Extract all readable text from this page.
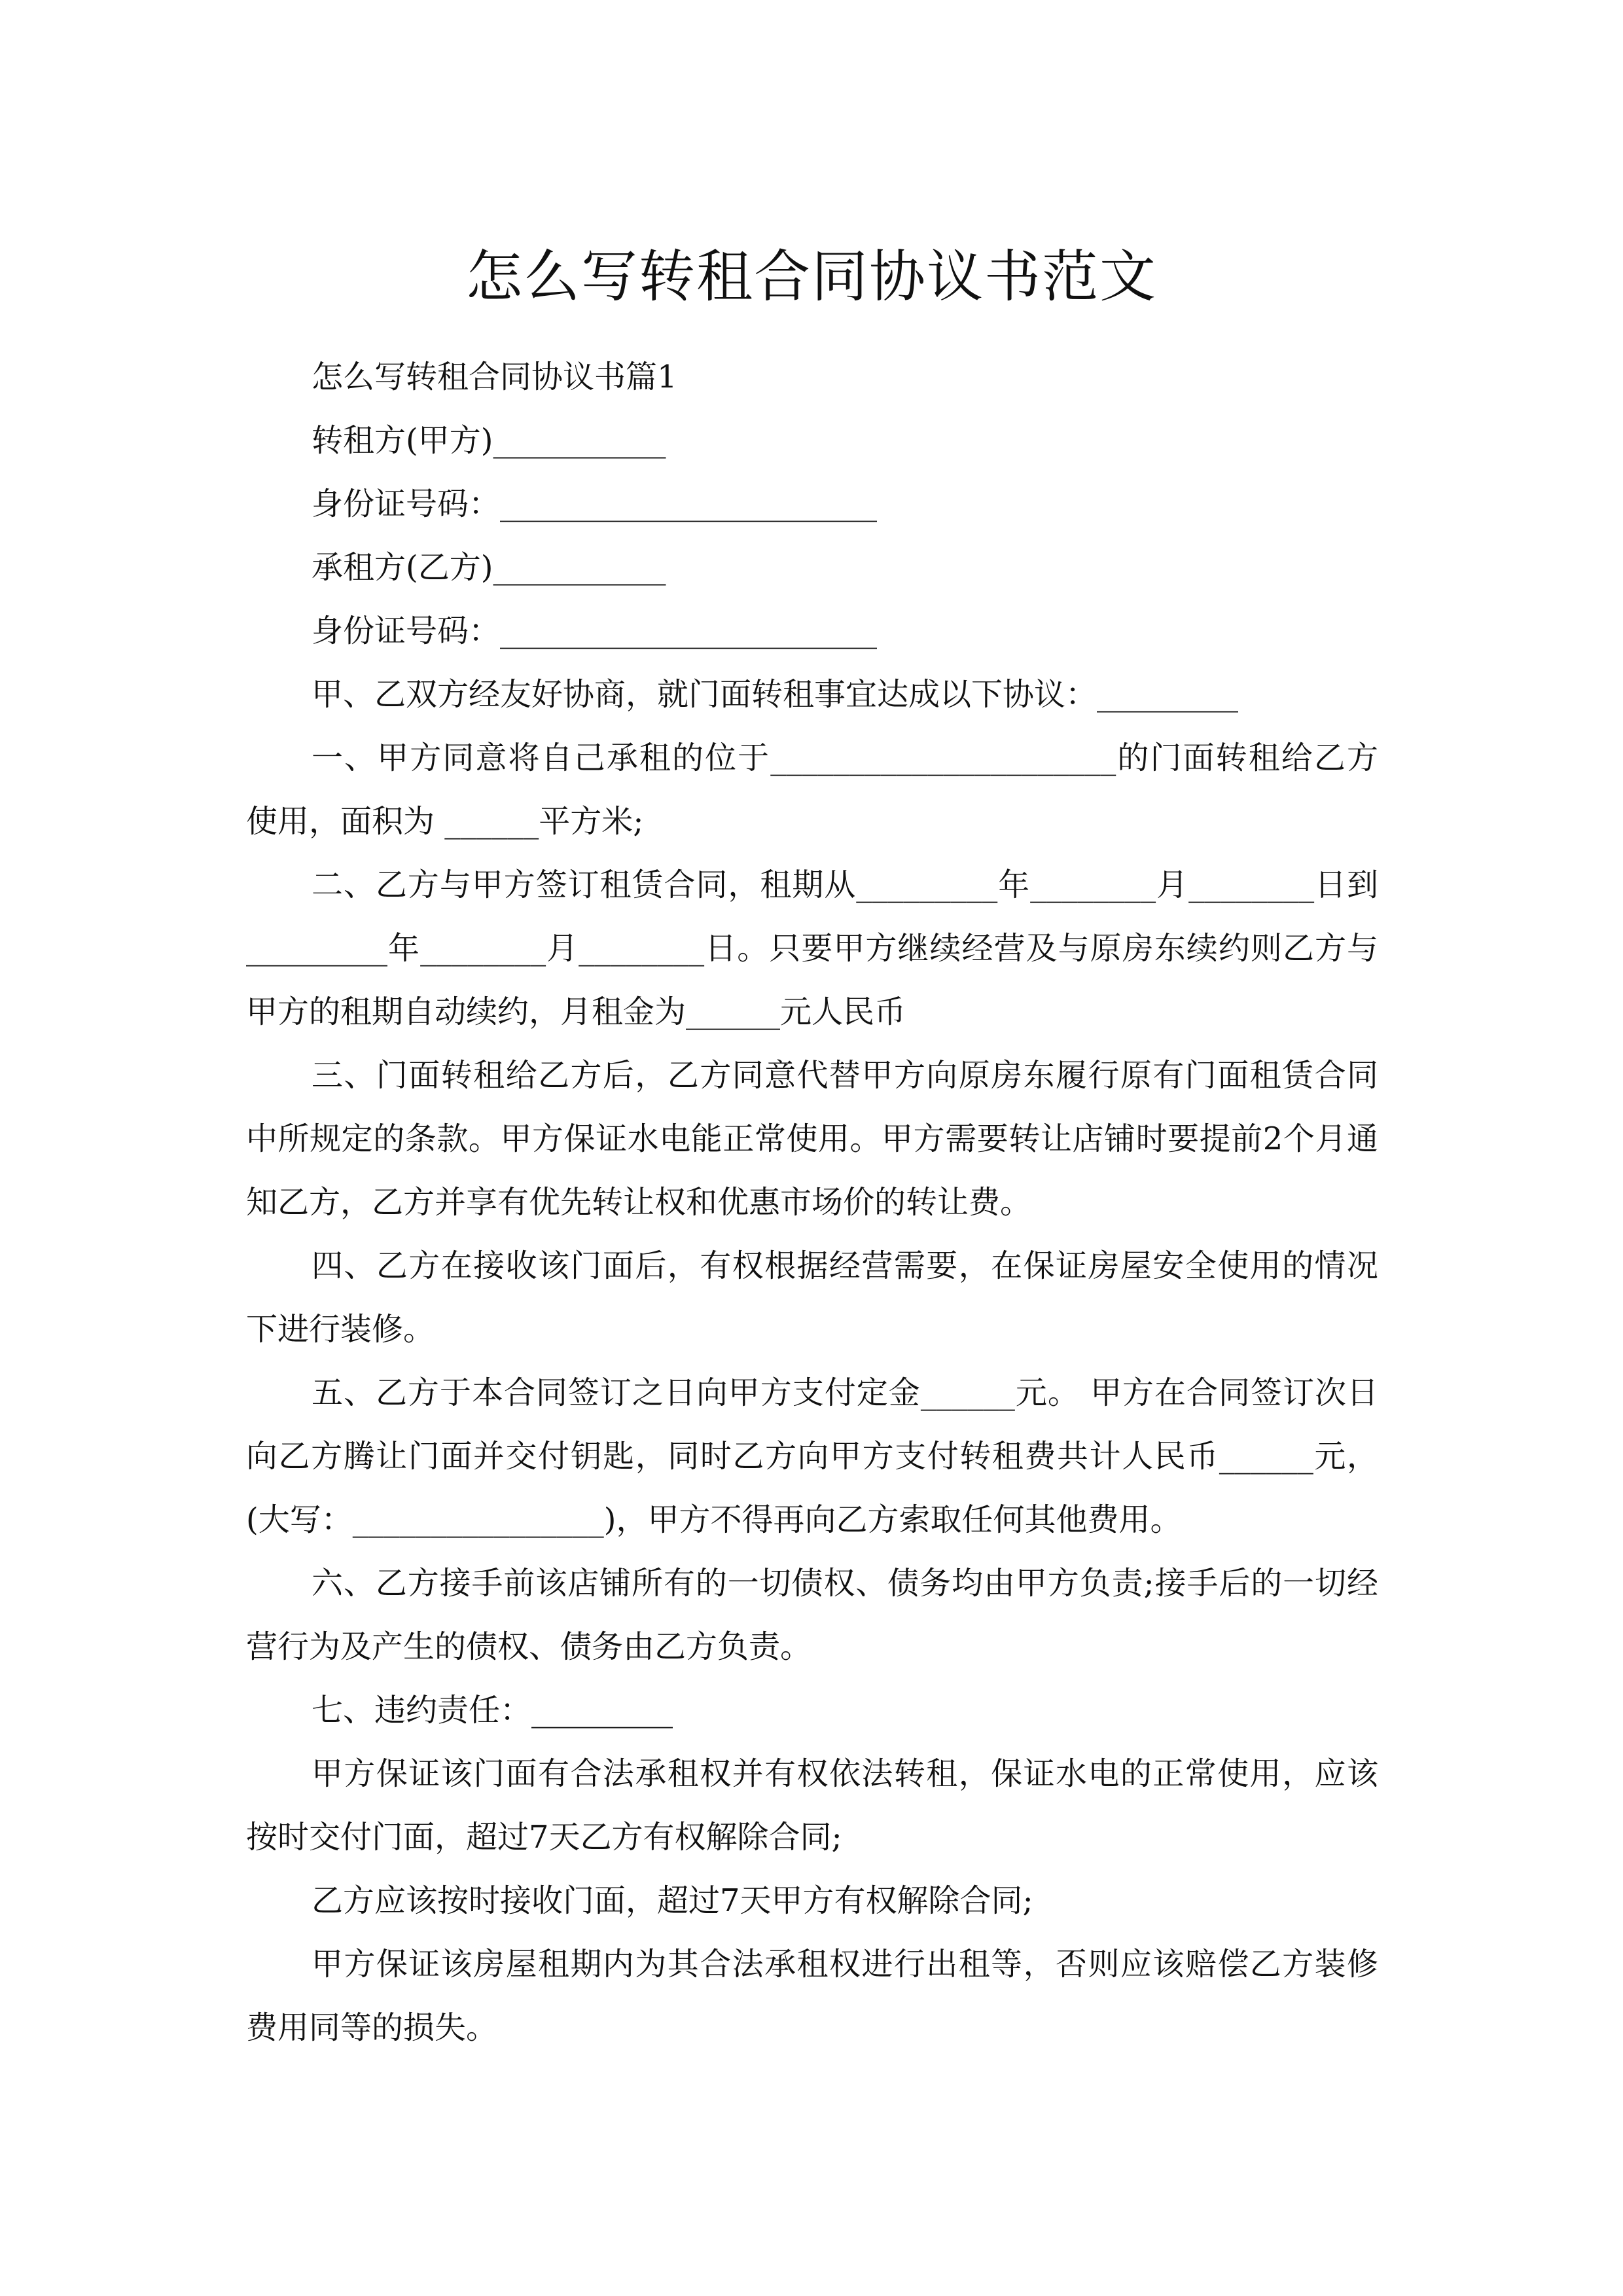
怎么写转租合同协议书范文

怎么写转租合同协议书篇1

转租方(甲方)___________

身份证号码：________________________

承租方(乙方)___________

身份证号码：________________________

甲、乙双方经友好协商，就门面转租事宜达成以下协议：_________

一、甲方同意将自己承租的位于______________________的门面转租给乙方使用，面积为 ______平方米;

二、乙方与甲方签订租赁合同，租期从_________年________月________日到_________年________月________日。只要甲方继续经营及与原房东续约则乙方与甲方的租期自动续约，月租金为______元人民币

三、门面转租给乙方后，乙方同意代替甲方向原房东履行原有门面租赁合同中所规定的条款。甲方保证水电能正常使用。甲方需要转让店铺时要提前2个月通知乙方，乙方并享有优先转让权和优惠市场价的转让费。

四、乙方在接收该门面后，有权根据经营需要，在保证房屋安全使用的情况下进行装修。

五、乙方于本合同签订之日向甲方支付定金______元。 甲方在合同签订次日向乙方腾让门面并交付钥匙，同时乙方向甲方支付转租费共计人民币______元，(大写：________________)，甲方不得再向乙方索取任何其他费用。

六、乙方接手前该店铺所有的一切债权、债务均由甲方负责;接手后的一切经营行为及产生的债权、债务由乙方负责。

七、违约责任：_________

甲方保证该门面有合法承租权并有权依法转租，保证水电的正常使用，应该按时交付门面，超过7天乙方有权解除合同;

乙方应该按时接收门面，超过7天甲方有权解除合同;

甲方保证该房屋租期内为其合法承租权进行出租等，否则应该赔偿乙方装修费用同等的损失。
